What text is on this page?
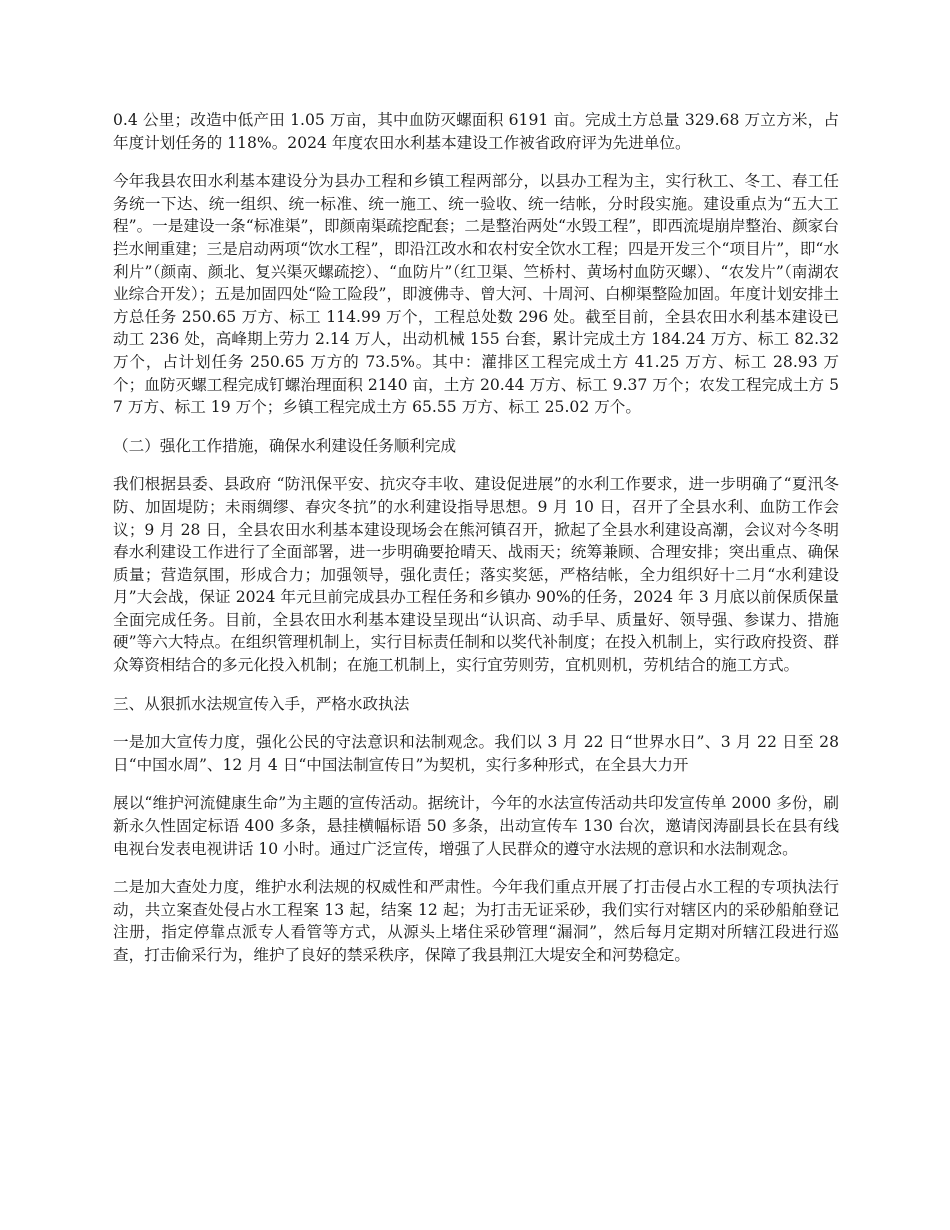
0.4 公里；改造中低产田 1.05 万亩，其中血防灭螺面积 6191 亩。完成土方总量 329.68 万立方米，占年度计划任务的 118%。2024 年度农田水利基本建设工作被省政府评为先进单位。

今年我县农田水利基本建设分为县办工程和乡镇工程两部分，以县办工程为主，实行秋工、冬工、春工任务统一下达、统一组织、统一标准、统一施工、统一验收、统一结帐，分时段实施。建设重点为“五大工程”。一是建设一条“标准渠”，即颜南渠疏挖配套；二是整治两处“水毁工程”，即西流堤崩岸整治、颜家台拦水闸重建；三是启动两项“饮水工程”，即沿江改水和农村安全饮水工程；四是开发三个“项目片”，即“水利片”（颜南、颜北、复兴渠灭螺疏挖）、“血防片”（红卫渠、竺桥村、黄场村血防灭螺）、“农发片”（南湖农业综合开发）；五是加固四处“险工险段”，即渡佛寺、曾大河、十周河、白柳渠整险加固。年度计划安排土方总任务 250.65 万方、标工 114.99 万个，工程总处数 296 处。截至目前，全县农田水利基本建设已动工 236 处，高峰期上劳力 2.14 万人，出动机械 155 台套，累计完成土方 184.24 万方、标工 82.32 万个，占计划任务 250.65 万方的 73.5%。其中：灌排区工程完成土方 41.25 万方、标工 28.93 万个；血防灭螺工程完成钉螺治理面积 2140 亩，土方 20.44 万方、标工 9.37 万个；农发工程完成土方 57 万方、标工 19 万个；乡镇工程完成土方 65.55 万方、标工 25.02 万个。

（二）强化工作措施，确保水利建设任务顺利完成

我们根据县委、县政府 “防汛保平安、抗灾夺丰收、建设促进展”的水利工作要求，进一步明确了“夏汛冬防、加固堤防；未雨绸缪、春灾冬抗”的水利建设指导思想。9 月 10 日，召开了全县水利、血防工作会议；9 月 28 日，全县农田水利基本建设现场会在熊河镇召开，掀起了全县水利建设高潮，会议对今冬明春水利建设工作进行了全面部署，进一步明确要抢晴天、战雨天；统筹兼顾、合理安排；突出重点、确保质量；营造氛围，形成合力；加强领导，强化责任；落实奖惩，严格结帐，全力组织好十二月“水利建设月”大会战，保证 2024 年元旦前完成县办工程任务和乡镇办 90%的任务，2024 年 3 月底以前保质保量全面完成任务。目前，全县农田水利基本建设呈现出“认识高、动手早、质量好、领导强、参谋力、措施硬”等六大特点。在组织管理机制上，实行目标责任制和以奖代补制度；在投入机制上，实行政府投资、群众筹资相结合的多元化投入机制；在施工机制上，实行宜劳则劳，宜机则机，劳机结合的施工方式。

三、从狠抓水法规宣传入手，严格水政执法

一是加大宣传力度，强化公民的守法意识和法制观念。我们以 3 月 22 日“世界水日”、3 月 22 日至 28 日“中国水周”、12 月 4 日“中国法制宣传日”为契机，实行多种形式，在全县大力开

展以“维护河流健康生命”为主题的宣传活动。据统计，今年的水法宣传活动共印发宣传单 2000 多份，刷新永久性固定标语 400 多条，悬挂横幅标语 50 多条，出动宣传车 130 台次，邀请闵涛副县长在县有线电视台发表电视讲话 10 小时。通过广泛宣传，增强了人民群众的遵守水法规的意识和水法制观念。

二是加大查处力度，维护水利法规的权威性和严肃性。今年我们重点开展了打击侵占水工程的专项执法行动，共立案查处侵占水工程案 13 起，结案 12 起；为打击无证采砂，我们实行对辖区内的采砂船舶登记注册，指定停靠点派专人看管等方式，从源头上堵住采砂管理“漏洞”，然后每月定期对所辖江段进行巡查，打击偷采行为，维护了良好的禁采秩序，保障了我县荆江大堤安全和河势稳定。
